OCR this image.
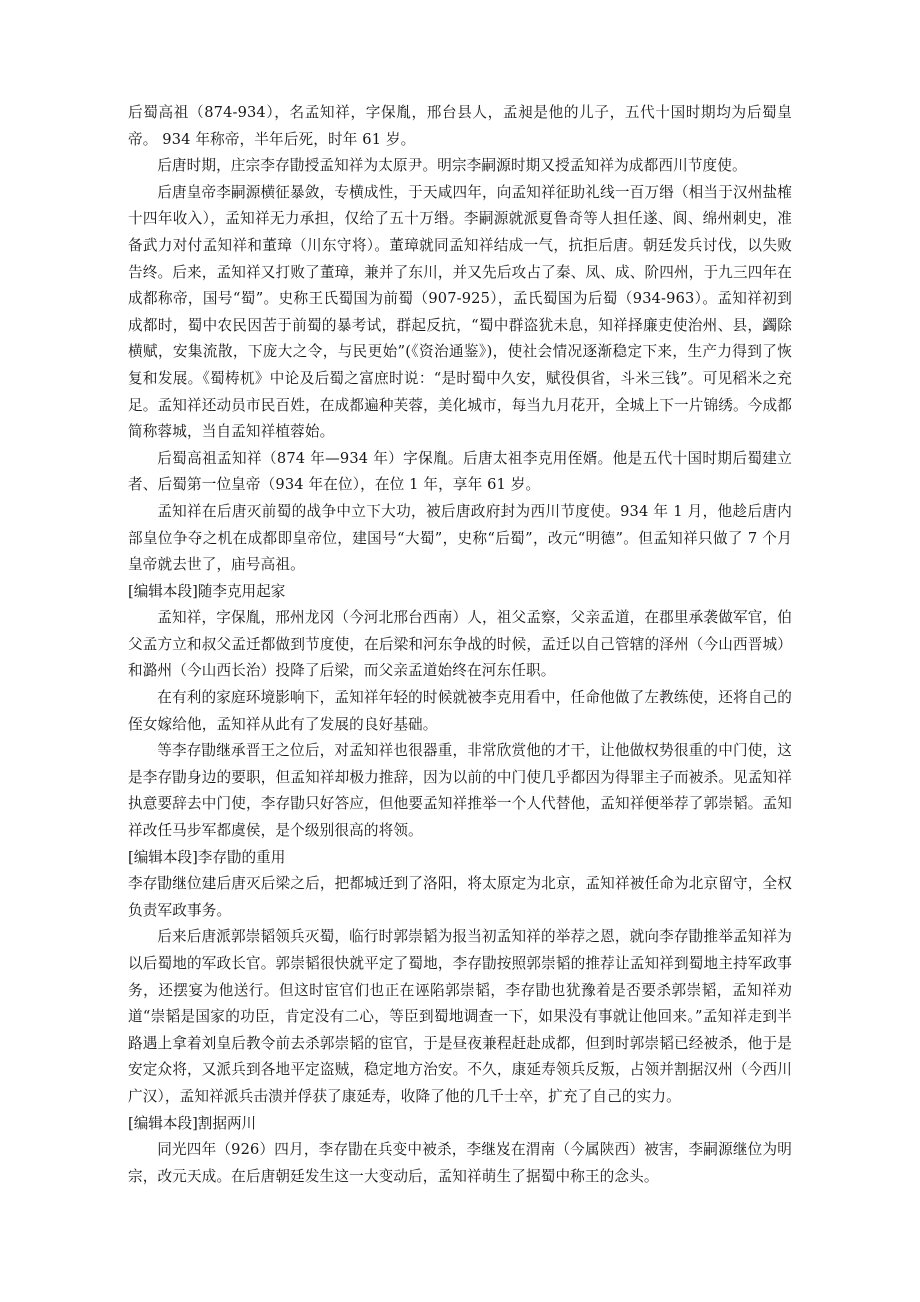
后蜀高祖（874-934），名孟知祥，字保胤，邢台县人，孟昶是他的儿子，五代十国时期均为后蜀皇帝。 934 年称帝，半年后死，时年 61 岁。

后唐时期，庄宗李存勖授孟知祥为太原尹。明宗李嗣源时期又授孟知祥为成都西川节度使。

后唐皇帝李嗣源横征暴敛，专横成性，于天咸四年，向孟知祥征助礼线一百万缗（相当于汉州盐榷十四年收入），孟知祥无力承担，仅给了五十万缗。李嗣源就派夏鲁奇等人担任遂、阆、绵州刺史，准备武力对付孟知祥和董璋（川东守将）。董璋就同孟知祥结成一气，抗拒后唐。朝廷发兵讨伐，以失败告终。后来，孟知祥又打败了董璋，兼并了东川，并又先后攻占了秦、凤、成、阶四州，于九三四年在成都称帝，国号“蜀”。史称王氏蜀国为前蜀（907-925），孟氏蜀国为后蜀（934-963）。孟知祥初到成都时，蜀中农民因苦于前蜀的暴考试，群起反抗，“蜀中群盗犹未息，知祥择廉吏使治州、县，蠲除横赋，安集流散，下庞大之令，与民更始”(《资治通鉴》)，使社会情况逐渐稳定下来，生产力得到了恢复和发展。《蜀梼杌》中论及后蜀之富庶时说：“是时蜀中久安，赋役俱省，斗米三钱”。可见稻米之充足。孟知祥还动员市民百姓，在成都遍种芙蓉，美化城市，每当九月花开，全城上下一片锦绣。今成都简称蓉城，当自孟知祥植蓉始。

后蜀高祖孟知祥（874 年—934 年）字保胤。后唐太祖李克用侄婿。他是五代十国时期后蜀建立者、后蜀第一位皇帝（934 年在位），在位 1 年，享年 61 岁。

孟知祥在后唐灭前蜀的战争中立下大功，被后唐政府封为西川节度使。934 年 1 月，他趁后唐内部皇位争夺之机在成都即皇帝位，建国号“大蜀”，史称“后蜀”，改元“明德”。但孟知祥只做了 7 个月皇帝就去世了，庙号高祖。

[编辑本段]随李克用起家

孟知祥，字保胤，邢州龙冈（今河北邢台西南）人，祖父孟察，父亲孟道，在郡里承袭做军官，伯父孟方立和叔父孟迁都做到节度使，在后梁和河东争战的时候，孟迁以自己管辖的泽州（今山西晋城）和潞州（今山西长治）投降了后梁，而父亲孟道始终在河东任职。

在有利的家庭环境影响下，孟知祥年轻的时候就被李克用看中，任命他做了左教练使，还将自己的侄女嫁给他，孟知祥从此有了发展的良好基础。

等李存勖继承晋王之位后，对孟知祥也很器重，非常欣赏他的才干，让他做权势很重的中门使，这是李存勖身边的要职，但孟知祥却极力推辞，因为以前的中门使几乎都因为得罪主子而被杀。见孟知祥执意要辞去中门使，李存勖只好答应，但他要孟知祥推举一个人代替他，孟知祥便举荐了郭崇韬。孟知祥改任马步军都虞侯，是个级别很高的将领。

[编辑本段]李存勖的重用

李存勖继位建后唐灭后梁之后，把都城迁到了洛阳，将太原定为北京，孟知祥被任命为北京留守，全权负责军政事务。

后来后唐派郭崇韬领兵灭蜀，临行时郭崇韬为报当初孟知祥的举荐之恩，就向李存勖推举孟知祥为以后蜀地的军政长官。郭崇韬很快就平定了蜀地，李存勖按照郭崇韬的推荐让孟知祥到蜀地主持军政事务，还摆宴为他送行。但这时宦官们也正在诬陷郭崇韬，李存勖也犹豫着是否要杀郭崇韬，孟知祥劝道“崇韬是国家的功臣，肯定没有二心，等臣到蜀地调查一下，如果没有事就让他回来。”孟知祥走到半路遇上拿着刘皇后教令前去杀郭崇韬的宦官，于是昼夜兼程赶赴成都，但到时郭崇韬已经被杀，他于是安定众将，又派兵到各地平定盗贼，稳定地方治安。不久，康延寿领兵反叛，占领并割据汉州（今西川广汉），孟知祥派兵击溃并俘获了康延寿，收降了他的几千士卒，扩充了自己的实力。

[编辑本段]割据两川

同光四年（926）四月，李存勖在兵变中被杀，李继岌在渭南（今属陕西）被害，李嗣源继位为明宗，改元天成。在后唐朝廷发生这一大变动后，孟知祥萌生了据蜀中称王的念头。
